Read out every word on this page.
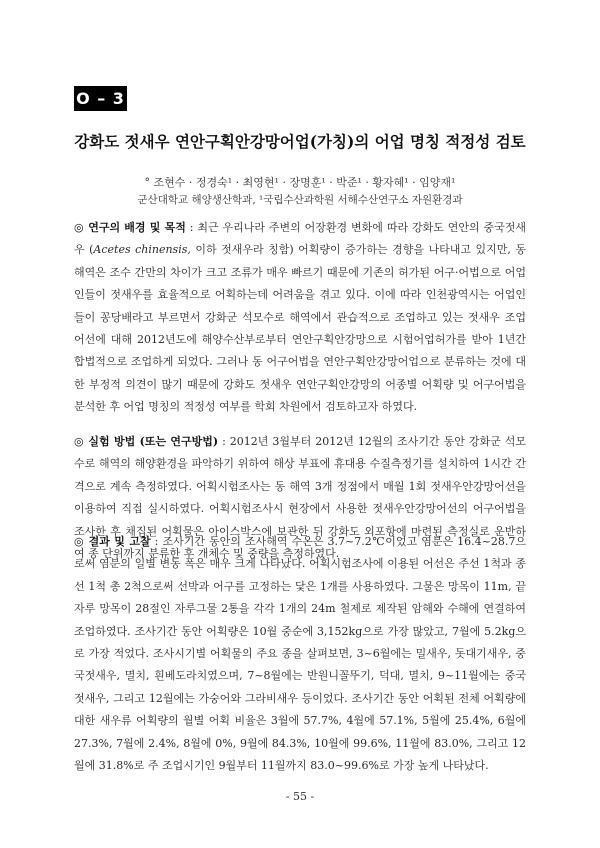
O – 3
강화도 젓새우 연안구획안강망어업(가칭)의 어업 명칭 적정성 검토
° 조현수 · 정경숙¹ · 최영현¹ · 장명훈¹ · 박준¹ · 황자혜¹ · 임양재¹
군산대학교 해양생산학과, ¹국립수산과학원 서해수산연구소 자원환경과
◎ 연구의 배경 및 목적 : 최근 우리나라 주변의 어장환경 변화에 따라 강화도 연안의 중국젓새우 (Acetes chinensis, 이하 젓새우라 칭함) 어획량이 증가하는 경향을 나타내고 있지만, 동 해역은 조수 간만의 차이가 크고 조류가 매우 빠르기 때문에 기존의 허가된 어구·어법으로 어업인들이 젓새우를 효율적으로 어획하는데 어려움을 겪고 있다. 이에 따라 인천광역시는 어업인들이 꽁당배라고 부르면서 강화군 석모수로 해역에서 관습적으로 조업하고 있는 젓새우 조업 어선에 대해 2012년도에 해양수산부로부터 연안구획안강망으로 시험어업허가를 받아 1년간 합법적으로 조업하게 되었다. 그러나 동 어구어법을 연안구획안강망어업으로 분류하는 것에 대한 부정적 의견이 많기 때문에 강화도 젓새우 연안구획안강망의 어종별 어획량 및 어구어법을 분석한 후 어업 명칭의 적정성 여부를 학회 차원에서 검토하고자 하였다.
◎ 실험 방법 (또는 연구방법) : 2012년 3월부터 2012년 12월의 조사기간 동안 강화군 석모수로 해역의 해양환경을 파악하기 위하여 해상 부표에 휴대용 수질측정기를 설치하여 1시간 간격으로 계속 측정하였다. 어획시험조사는 동 해역 3개 정점에서 매월 1회 젓새우안강망어선을 이용하여 직접 실시하였다. 어획시험조사시 현장에서 사용한 젓새우안강망어선의 어구어법을 조사한 후 채집된 어획물은 아이스박스에 보관한 뒤 강화도 외포항에 마련된 측정실로 운반하여 종 단위까지 분류한 후 개체수 및 중량을 측정하였다.
◎ 결과 및 고찰 : 조사기간 동안의 조사해역 수온은 3.7~7.2℃이었고 염분은 16.4~28.7으로써 염분의 일별 변동 폭은 매우 크게 나타났다. 어획시험조사에 이용된 어선은 주선 1척과 종선 1척 총 2척으로써 선박과 어구를 고정하는 닻은 1개를 사용하였다. 그물은 망목이 11m, 끝자루 망목이 28절인 자루그물 2통을 각각 1개의 24m 철제로 제작된 암해와 수해에 연결하여 조업하였다. 조사기간 동안 어획량은 10월 중순에 3,152kg으로 가장 많았고, 7월에 5.2kg으로 가장 적었다. 조사시기별 어획물의 주요 종을 살펴보면, 3~6월에는 밀새우, 돗대기새우, 중국젓새우, 멸치, 흰베도라치였으며, 7~8월에는 반원니꼴뚜기, 덕대, 멸치, 9~11월에는 중국젓새우, 그리고 12월에는 가숭어와 그라비새우 등이었다. 조사기간 동안 어획된 전체 어획량에 대한 새우류 어획량의 월별 어획 비율은 3월에 57.7%, 4월에 57.1%, 5월에 25.4%, 6월에 27.3%, 7월에 2.4%, 8월에 0%, 9월에 84.3%, 10월에 99.6%, 11월에 83.0%, 그리고 12월에 31.8%로 주 조업시기인 9월부터 11월까지 83.0~99.6%로 가장 높게 나타났다.
- 55 -
